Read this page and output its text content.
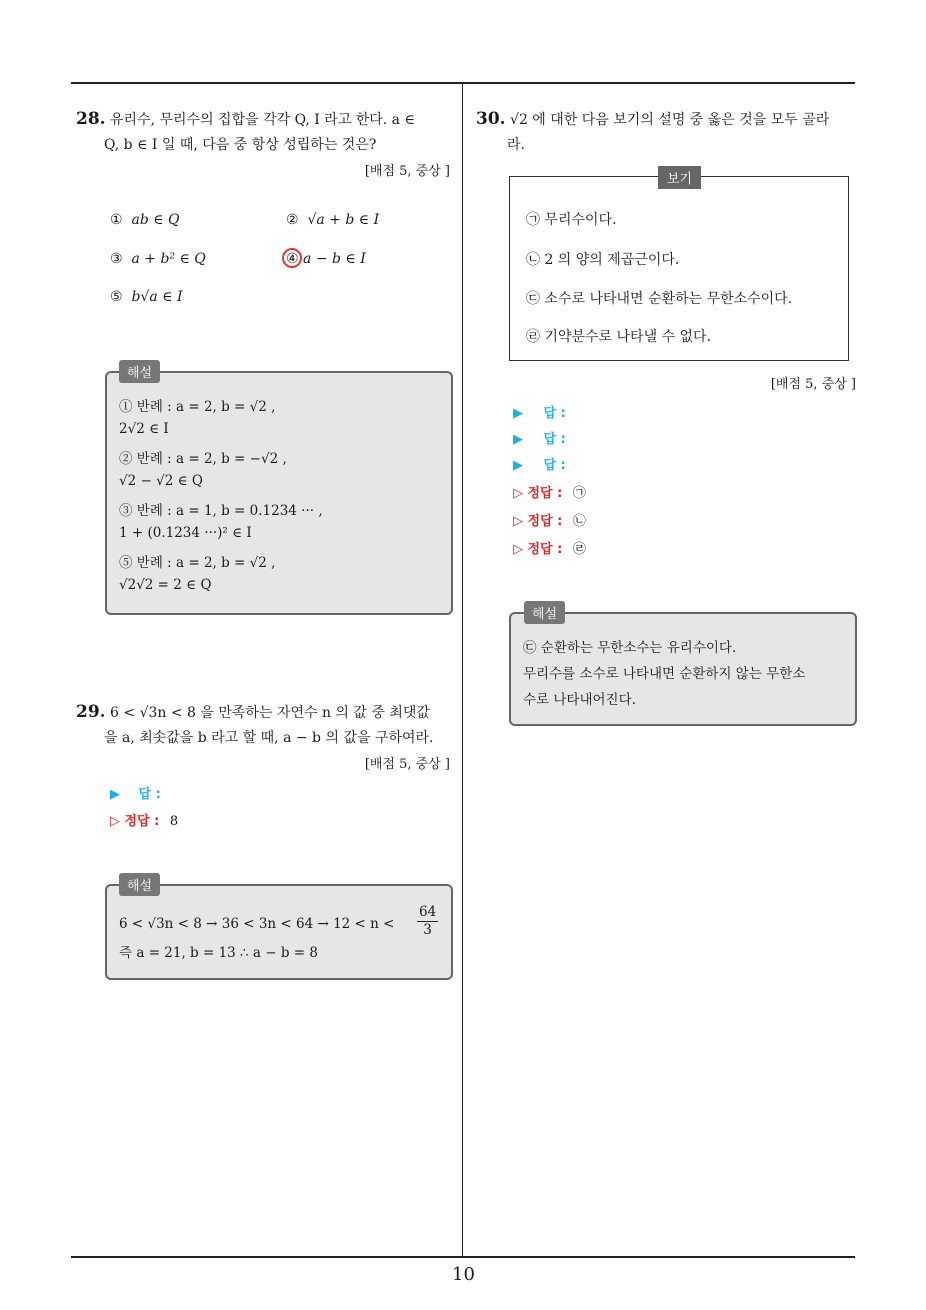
28. 유리수, 무리수의 집합을 각각 Q, I 라고 한다. a ∈
Q, b ∈ I 일 때, 다음 중 항상 성립하는 것은?
[배점 5, 중상 ]
① ab ∈ Q	② √a + b ∈ I
③ a + b² ∈ Q	④ a − b ∈ I
⑤ b√a ∈ I
① 반례 : a = 2, b = √2 ,
2√2 ∈ I
② 반례 : a = 2, b = −√2 ,
√2 − √2 ∈ Q
③ 반례 : a = 1, b = 0.1234 ··· ,
1 + (0.1234 ···)² ∈ I
⑤ 반례 : a = 2, b = √2 ,
√2√2 = 2 ∈ Q
해설
29. 6 < √3n < 8 을 만족하는 자연수 n 의 값 중 최댓값
을 a, 최솟값을 b 라고 할 때, a − b 의 값을 구하여라.
[배점 5, 중상 ]
▶ 답 :
▷ 정답 : 8
6 < √3n < 8 → 36 < 3n < 64 → 12 < n <
64
3
즉 a = 21, b = 13 ∴ a − b = 8
해설
30. √2 에 대한 다음 보기의 설명 중 옳은 것을 모두 골라
라.
㉠ 무리수이다.
㉡ 2 의 양의 제곱근이다.
㉢ 소수로 나타내면 순환하는 무한소수이다.
㉣ 기약분수로 나타낼 수 없다.
보기
[배점 5, 중상 ]
▶ 답 :
▶ 답 :
▶ 답 :
▷ 정답 : ㉠
▷ 정답 : ㉡
▷ 정답 : ㉣
㉢ 순환하는 무한소수는 유리수이다.
무리수를 소수로 나타내면 순환하지 않는 무한소
수로 나타내어진다.
해설
10
